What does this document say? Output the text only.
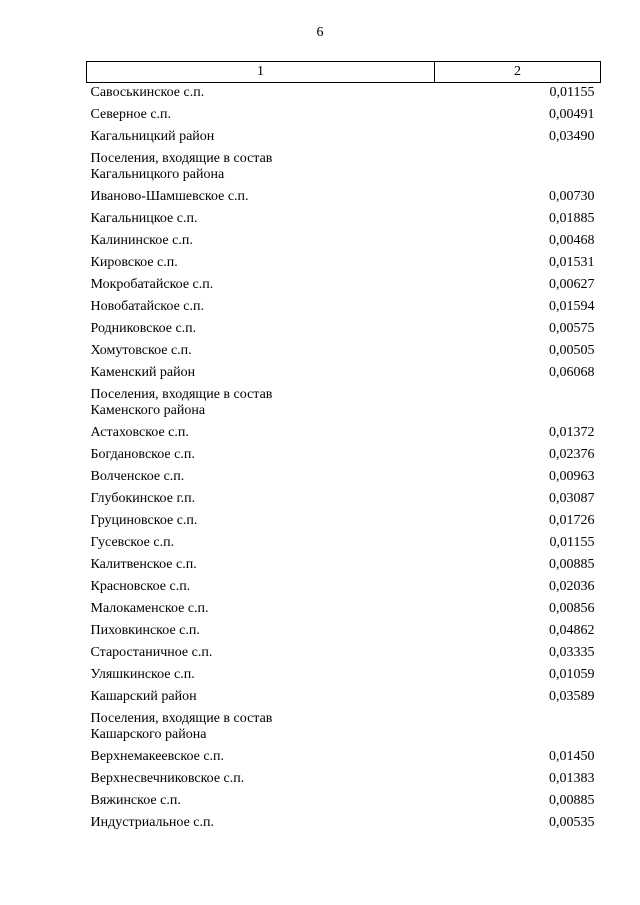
6
1	2
Савоськинское с.п.	0,01155
Северное с.п.	0,00491
Кагальницкий район	0,03490
Поселения, входящие в состав
Кагальницкого района	
Иваново-Шамшевское с.п.	0,00730
Кагальницкое с.п.	0,01885
Калининское с.п.	0,00468
Кировское с.п.	0,01531
Мокробатайское с.п.	0,00627
Новобатайское с.п.	0,01594
Родниковское с.п.	0,00575
Хомутовское с.п.	0,00505
Каменский район	0,06068
Поселения, входящие в состав
Каменского района	
Астаховское с.п.	0,01372
Богдановское с.п.	0,02376
Волченское с.п.	0,00963
Глубокинское г.п.	0,03087
Груциновское с.п.	0,01726
Гусевское с.п.	0,01155
Калитвенское с.п.	0,00885
Красновское с.п.	0,02036
Малокаменское с.п.	0,00856
Пиховкинское с.п.	0,04862
Старостаничное с.п.	0,03335
Уляшкинское с.п.	0,01059
Кашарский район	0,03589
Поселения, входящие в состав
Кашарского района	
Верхнемакеевское с.п.	0,01450
Верхнесвечниковское с.п.	0,01383
Вяжинское с.п.	0,00885
Индустриальное с.п.	0,00535
